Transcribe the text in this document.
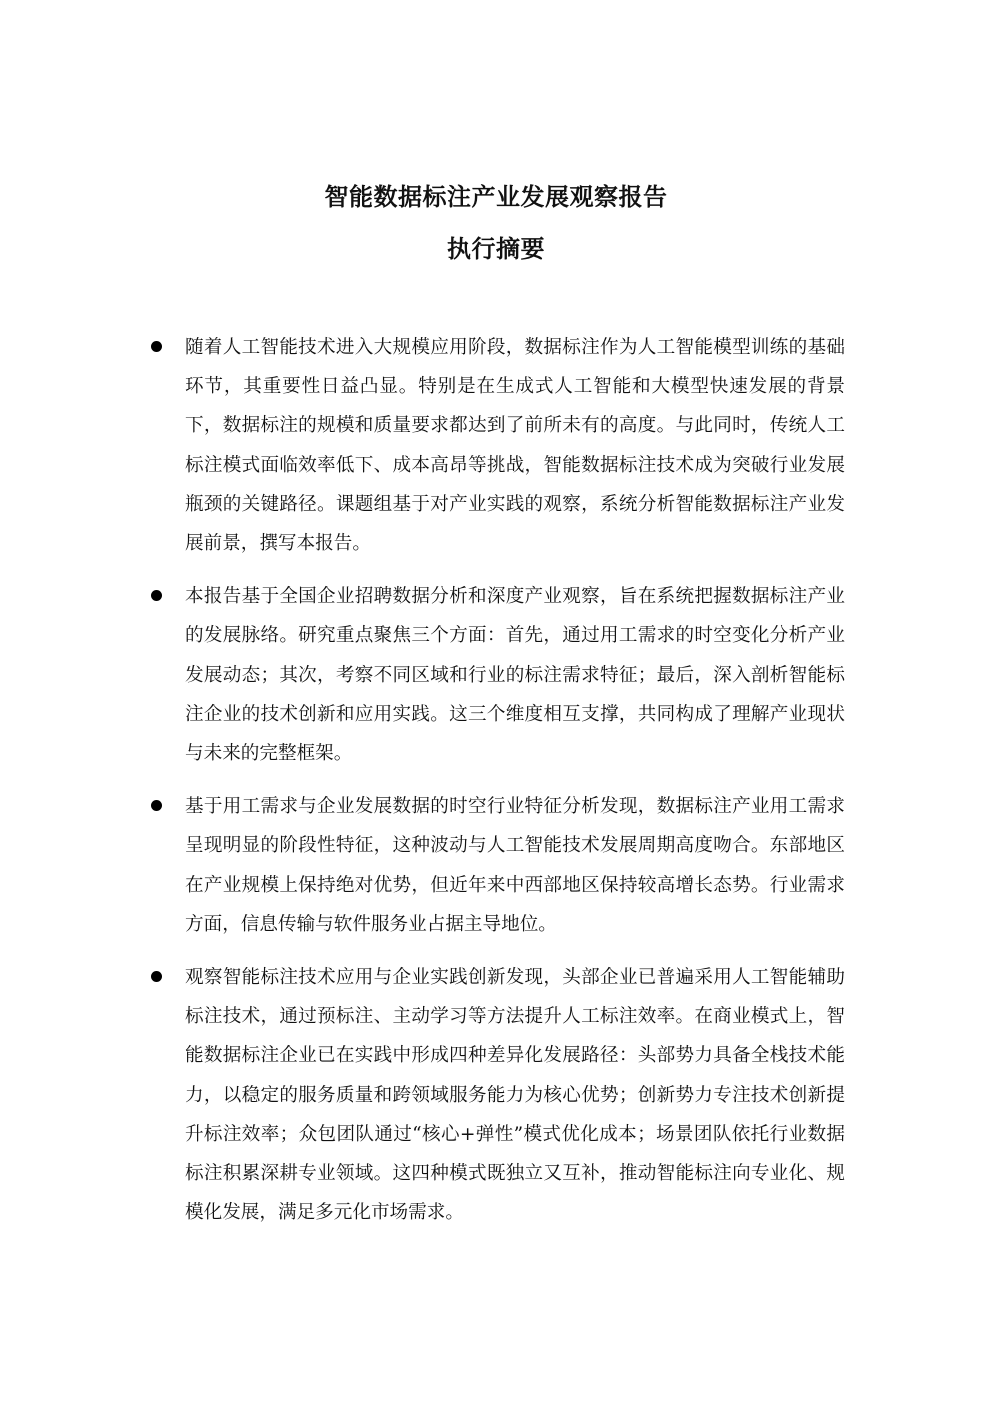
智能数据标注产业发展观察报告
执行摘要
随着人工智能技术进入大规模应用阶段，数据标注作为人工智能模型训练的基础环节，其重要性日益凸显。特别是在生成式人工智能和大模型快速发展的背景下，数据标注的规模和质量要求都达到了前所未有的高度。与此同时，传统人工标注模式面临效率低下、成本高昂等挑战，智能数据标注技术成为突破行业发展瓶颈的关键路径。课题组基于对产业实践的观察，系统分析智能数据标注产业发展前景，撰写本报告。
本报告基于全国企业招聘数据分析和深度产业观察，旨在系统把握数据标注产业的发展脉络。研究重点聚焦三个方面：首先，通过用工需求的时空变化分析产业发展动态；其次，考察不同区域和行业的标注需求特征；最后，深入剖析智能标注企业的技术创新和应用实践。这三个维度相互支撑，共同构成了理解产业现状与未来的完整框架。
基于用工需求与企业发展数据的时空行业特征分析发现，数据标注产业用工需求呈现明显的阶段性特征，这种波动与人工智能技术发展周期高度吻合。东部地区在产业规模上保持绝对优势，但近年来中西部地区保持较高增长态势。行业需求方面，信息传输与软件服务业占据主导地位。
观察智能标注技术应用与企业实践创新发现，头部企业已普遍采用人工智能辅助标注技术，通过预标注、主动学习等方法提升人工标注效率。在商业模式上，智能数据标注企业已在实践中形成四种差异化发展路径：头部势力具备全栈技术能力，以稳定的服务质量和跨领域服务能力为核心优势；创新势力专注技术创新提升标注效率；众包团队通过“核心+弹性”模式优化成本；场景团队依托行业数据标注积累深耕专业领域。这四种模式既独立又互补，推动智能标注向专业化、规模化发展，满足多元化市场需求。
